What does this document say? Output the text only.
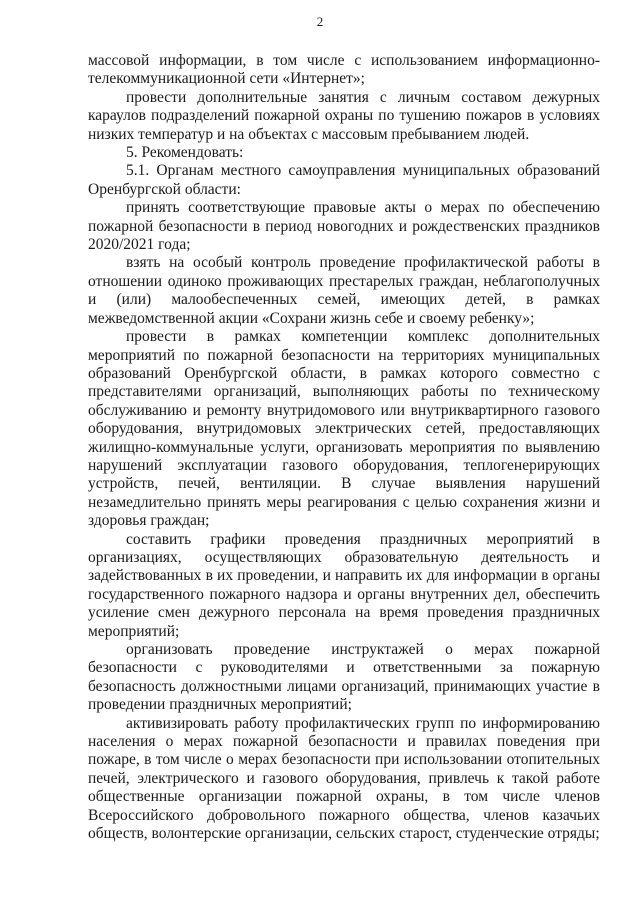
2

массовой информации, в том числе с использованием информационно-телекоммуникационной сети «Интернет»;

провести дополнительные занятия с личным составом дежурных караулов подразделений пожарной охраны по тушению пожаров в условиях низких температур и на объектах с массовым пребыванием людей.

5. Рекомендовать:

5.1. Органам местного самоуправления муниципальных образований Оренбургской области:

принять соответствующие правовые акты о мерах по обеспечению пожарной безопасности в период новогодних и рождественских праздников 2020/2021 года;

взять на особый контроль проведение профилактической работы в отношении одиноко проживающих престарелых граждан, неблагополучных и (или) малообеспеченных семей, имеющих детей, в рамках межведомственной акции «Сохрани жизнь себе и своему ребенку»;

провести в рамках компетенции комплекс дополнительных мероприятий по пожарной безопасности на территориях муниципальных образований Оренбургской области, в рамках которого совместно с представителями организаций, выполняющих работы по техническому обслуживанию и ремонту внутридомового или внутриквартирного газового оборудования, внутридомовых электрических сетей, предоставляющих жилищно-коммунальные услуги, организовать мероприятия по выявлению нарушений эксплуатации газового оборудования, теплогенерирующих устройств, печей, вентиляции. В случае выявления нарушений незамедлительно принять меры реагирования с целью сохранения жизни и здоровья граждан;

составить графики проведения праздничных мероприятий в организациях, осуществляющих образовательную деятельность и задействованных в их проведении, и направить их для информации в органы государственного пожарного надзора и органы внутренних дел, обеспечить усиление смен дежурного персонала на время проведения праздничных мероприятий;

организовать проведение инструктажей о мерах пожарной безопасности с руководителями и ответственными за пожарную безопасность должностными лицами организаций, принимающих участие в проведении праздничных мероприятий;

активизировать работу профилактических групп по информированию населения о мерах пожарной безопасности и правилах поведения при пожаре, в том числе о мерах безопасности при использовании отопительных печей, электрического и газового оборудования, привлечь к такой работе общественные организации пожарной охраны, в том числе членов Всероссийского добровольного пожарного общества, членов казачьих обществ, волонтерские организации, сельских старост, студенческие отряды;
